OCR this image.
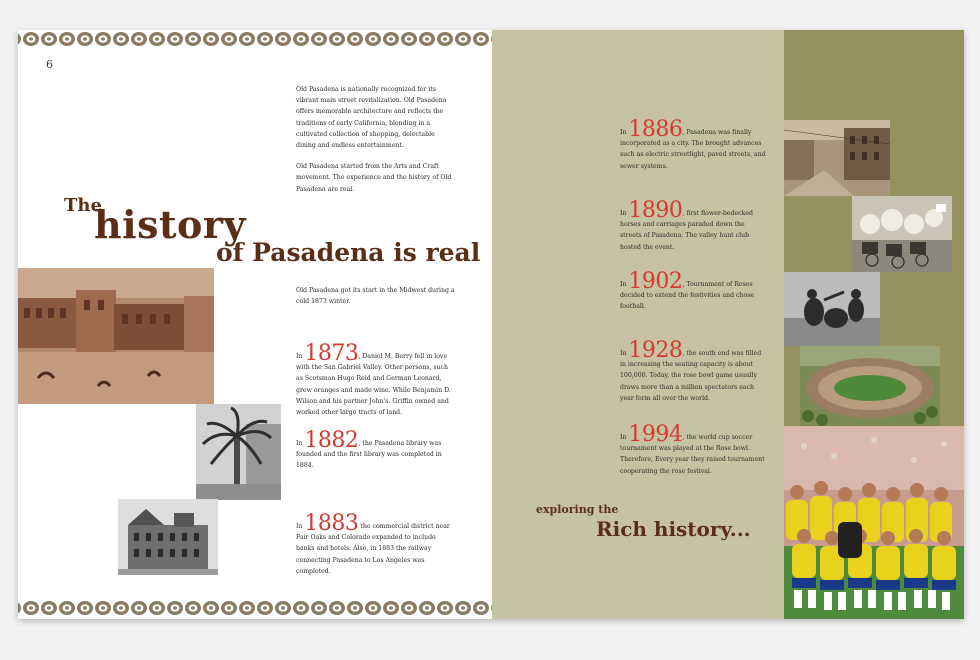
6

Old Pasadena is nationally recognized for its vibrant main street revitalization. Old Pasadena offers memorable architecture and reflects the traditions of early California, blending in a cultivated collection of shopping, delectable dining and endless entertainment.

Old Pasadena started from the Arts and Craft movement. The experience and the history of Old Pasadena are real.

The
history
of Pasadena is real
Old Pasadena got its start in the Midwest during a cold 1873 winter.
In 1873, Daniel M. Berry fell in love with the San Gabriel Valley. Other persons, such as Scotsman Hugo Reid and German Leonard, grew oranges and made wine. While Benjamin D. Wilson and his partner John's. Griffin owned and worked other large tracts of land.
In 1882, the Pasadena library was founded and the first library was completed in 1884.
In 1883 the commercial district near Fair Oaks and Colorado expanded to include banks and hotels. Also, in 1883 the railway connecting Pasadena to Los Angeles was completed.
In 1886, Pasadena was finally incorporated as a city. The brought advances such as electric streetlight, paved streets, and sewer systems.
In 1890, first flower-bedecked horses and carriages paraded down the streets of Pasadena. The valley hunt club hosted the event.
In 1902, Tournament of Roses decided to extend the festivities and chose football.
In 1928, the south end was filled in increasing the seating capacity is about 100,000. Today, the rose bowl game usually draws more than a million spectators each year form all over the world.
In 1994, the world cup soccer tournament was played at the Rose bowl. Therefore, Every year they raised tournament cooperating the rose festival.
exploring the
Rich history...
